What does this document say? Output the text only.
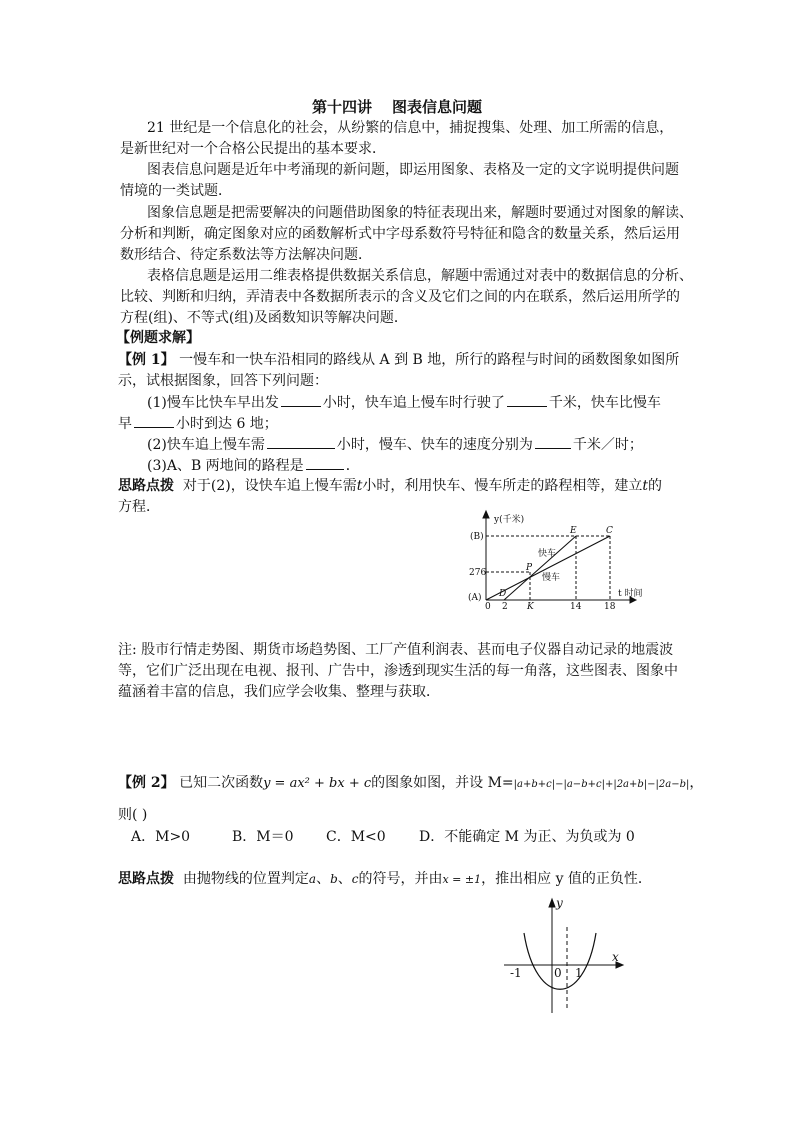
第十四讲 图表信息问题
21 世纪是一个信息化的社会，从纷繁的信息中，捕捉搜集、处理、加工所需的信息，
是新世纪对一个合格公民提出的基本要求．
图表信息问题是近年中考涌现的新问题，即运用图象、表格及一定的文字说明提供问题
情境的一类试题．
图象信息题是把需要解决的问题借助图象的特征表现出来，解题时要通过对图象的解读、
分析和判断，确定图象对应的函数解析式中字母系数符号特征和隐含的数量关系，然后运用
数形结合、待定系数法等方法解决问题．
表格信息题是运用二维表格提供数据关系信息，解题中需通过对表中的数据信息的分析、
比较、判断和归纳，弄清表中各数据所表示的含义及它们之间的内在联系，然后运用所学的
方程(组)、不等式(组)及函数知识等解决问题．
【例题求解】
【例 1】 一慢车和一快车沿相同的路线从 A 到 B 地，所行的路程与时间的函数图象如图所
示，试根据图象，回答下列问题：
(1)慢车比快车早出发	小时，快车追上慢车时行驶了	千米，快车比慢车
早	小时到达 6 地；
(2)快车追上慢车需	小时，慢车、快车的速度分别为	千米／时；
(3)A、B 两地间的路程是	．
思路点拨 对于(2)，设快车追上慢车需t小时，利用快车、慢车所走的路程相等，建立t的
方程．
y(千米)
t 时间
(B)
(A)
276
E	C
P
D
K
0 2	14	18
快车
慢车
注: 股市行情走势图、期货市场趋势图、工厂产值利润表、甚而电子仪器自动记录的地震波
等，它们广泛出现在电视、报刊、广告中，渗透到现实生活的每一角落，这些图表、图象中
蕴涵着丰富的信息，我们应学会收集、整理与获取．
【例 2】 已知二次函数y = ax² + bx + c的图象如图，并设 M=|a+b+c|−|a−b+c|+|2a+b|−|2a−b|，
则( )
A．M>0	B．M＝0 C．M<0 D．不能确定 M 为正、为负或为 0
思路点拨 由抛物线的位置判定a、b、c的符号，并由x = ±1，推出相应 y 值的正负性．
y
x
-1	0 1
